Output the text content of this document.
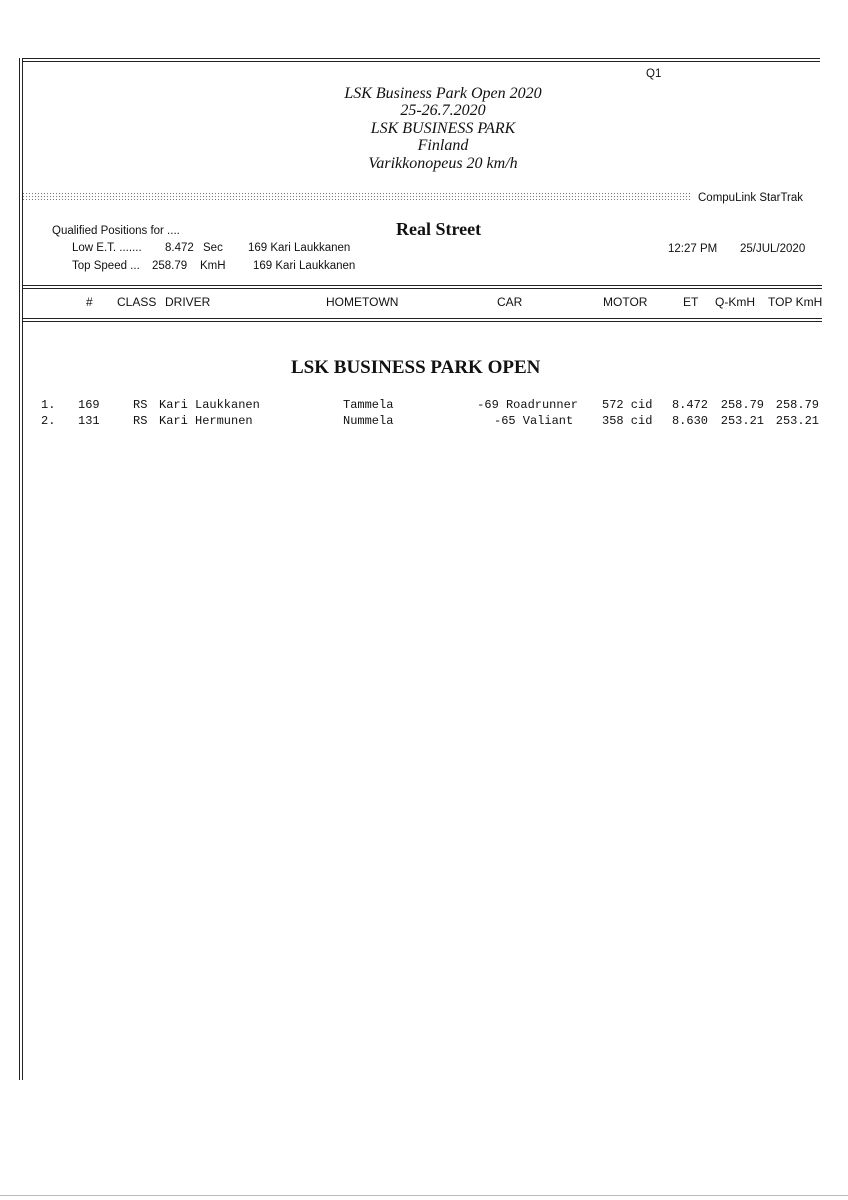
Q1
LSK Business Park Open 2020
25-26.7.2020
LSK BUSINESS PARK
Finland
Varikkonopeus 20 km/h
CompuLink StarTrak
Qualified Positions for ....
Low E.T. ....... 8.472 Sec 169 Kari Laukkanen
Top Speed ... 258.79 KmH 169 Kari Laukkanen
Real Street
12:27 PM 25/JUL/2020
# CLASS DRIVER	HOMETOWN	CAR	MOTOR	ET Q-KmH TOP KmH
LSK BUSINESS PARK OPEN
1. 169	RS Kari Laukkanen	Tammela	-69 Roadrunner 572 cid	8.472	258.79 258.79
2. 131	RS Kari Hermunen	Nummela	-65 Valiant 358 cid	8.630	253.21 253.21
